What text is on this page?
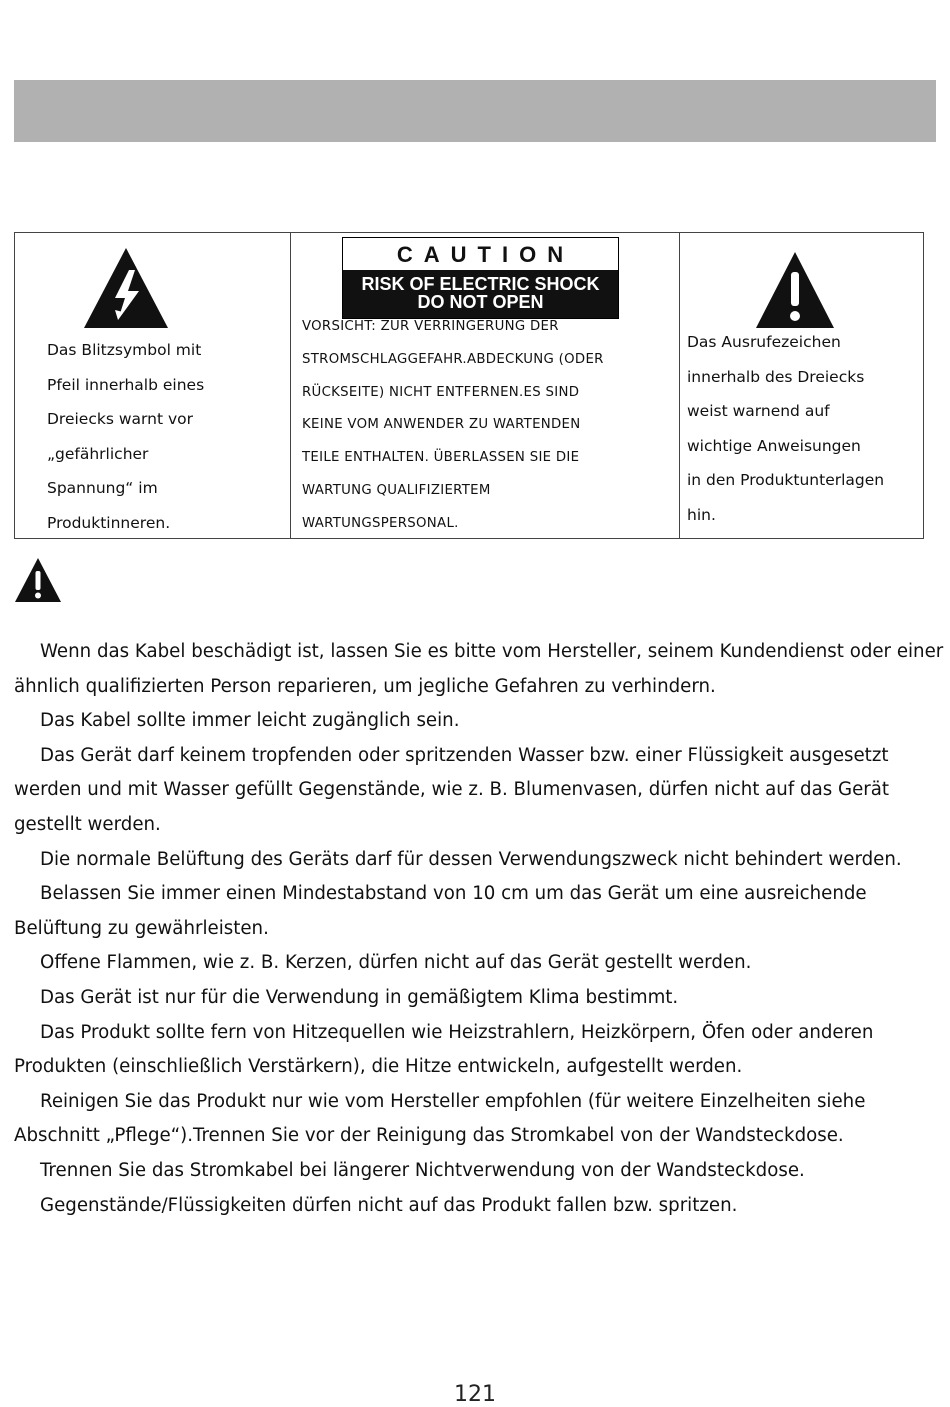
Das Blitzsymbol mit
Pfeil innerhalb eines
Dreiecks warnt vor
„gefährlicher
Spannung“ im
Produktinneren.

CAUTION
RISK OF ELECTRIC SHOCK
DO NOT OPEN
VORSICHT: ZUR VERRINGERUNG DER
STROMSCHLAGGEFAHR.ABDECKUNG (ODER
RÜCKSEITE) NICHT ENTFERNEN.ES SIND
KEINE VOM ANWENDER ZU WARTENDEN
TEILE ENTHALTEN. ÜBERLASSEN SIE DIE
WARTUNG QUALIFIZIERTEM
WARTUNGSPERSONAL.

Das Ausrufezeichen
innerhalb des Dreiecks
weist warnend auf
wichtige Anweisungen
in den Produktunterlagen
hin.

Wenn das Kabel beschädigt ist, lassen Sie es bitte vom Hersteller, seinem Kundendienst oder einer ähnlich qualifizierten Person reparieren, um jegliche Gefahren zu verhindern.

Das Kabel sollte immer leicht zugänglich sein.

Das Gerät darf keinem tropfenden oder spritzenden Wasser bzw. einer Flüssigkeit ausgesetzt werden und mit Wasser gefüllt Gegenstände, wie z. B. Blumenvasen, dürfen nicht auf das Gerät gestellt werden.

Die normale Belüftung des Geräts darf für dessen Verwendungszweck nicht behindert werden.

Belassen Sie immer einen Mindestabstand von 10 cm um das Gerät um eine ausreichende Belüftung zu gewährleisten.

Offene Flammen, wie z. B. Kerzen, dürfen nicht auf das Gerät gestellt werden.

Das Gerät ist nur für die Verwendung in gemäßigtem Klima bestimmt.

Das Produkt sollte fern von Hitzequellen wie Heizstrahlern, Heizkörpern, Öfen oder anderen Produkten (einschließlich Verstärkern), die Hitze entwickeln, aufgestellt werden.

Reinigen Sie das Produkt nur wie vom Hersteller empfohlen (für weitere Einzelheiten siehe Abschnitt „Pflege“).Trennen Sie vor der Reinigung das Stromkabel von der Wandsteckdose.

Trennen Sie das Stromkabel bei längerer Nichtverwendung von der Wandsteckdose.

Gegenstände/Flüssigkeiten dürfen nicht auf das Produkt fallen bzw. spritzen.

121
